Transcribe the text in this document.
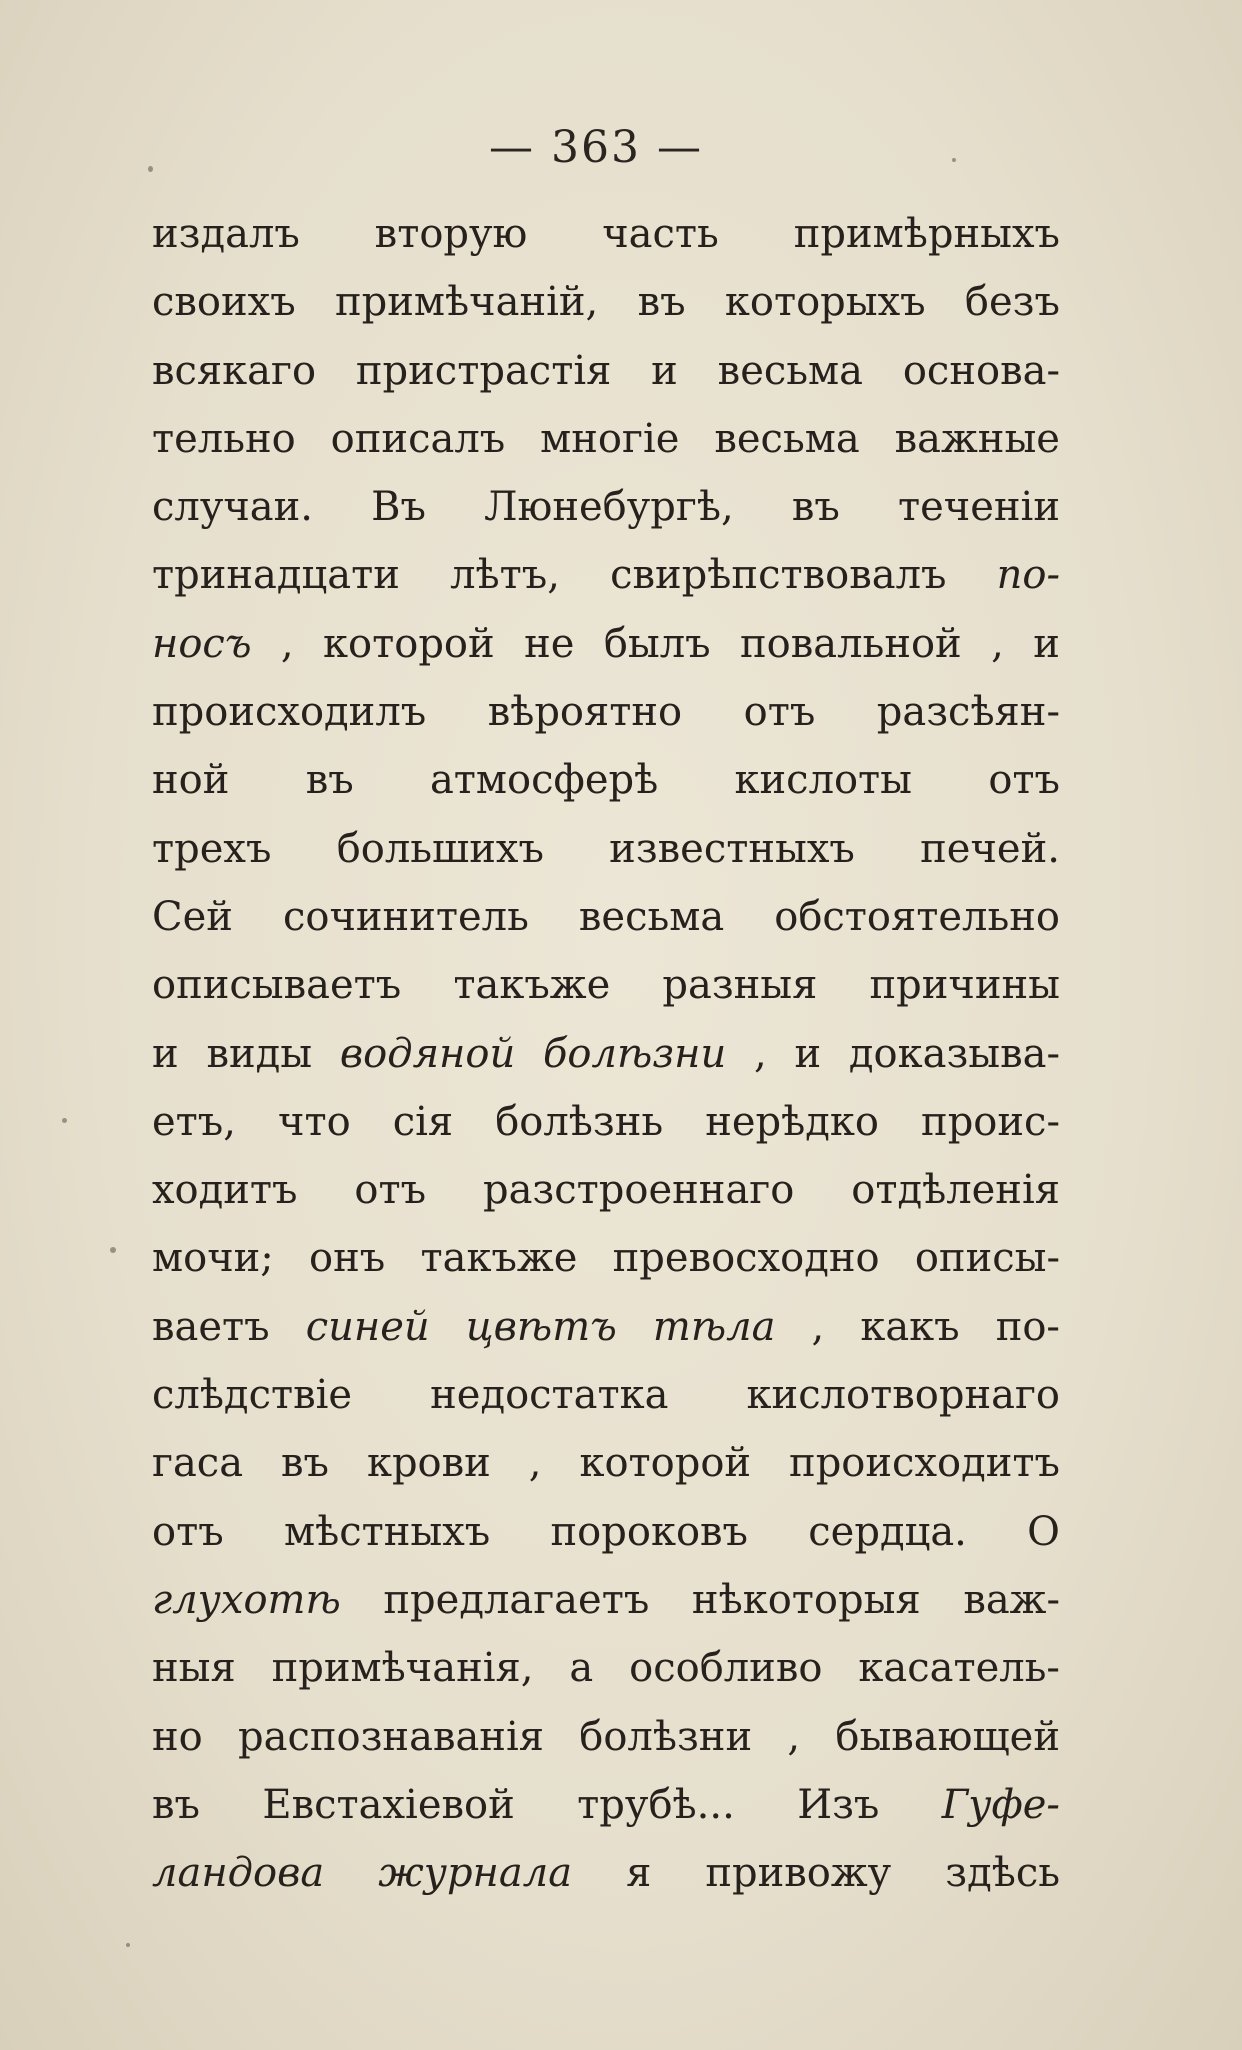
— 363 —
издалъ вторую часть примѣрныхъ
своихъ примѣчаній, въ которыхъ безъ
всякаго пристрастія и весьма основа-
тельно описалъ многіе весьма важные
случаи. Въ Люнебургѣ, въ теченіи
тринадцати лѣтъ, свирѣпствовалъ по-
носъ , которой не былъ повальной , и
происходилъ вѣроятно отъ разсѣян-
ной въ атмосферѣ кислоты отъ
трехъ большихъ известныхъ печей.
Сей сочинитель весьма обстоятельно
описываетъ такъже разныя причины
и виды водяной болѣзни , и доказыва-
етъ, что сія болѣзнь нерѣдко проис-
ходитъ отъ разстроеннаго отдѣленія
мочи; онъ такъже превосходно описы-
ваетъ синей цвѣтъ тѣла , какъ по-
слѣдствіе недостатка кислотворнаго
гаса въ крови , которой происходитъ
отъ мѣстныхъ пороковъ сердца. О
глухотѣ предлагаетъ нѣкоторыя важ-
ныя примѣчанія, а особливо касатель-
но распознаванія болѣзни , бывающей
въ Евстахіевой трубѣ... Изъ Гуфе-
ландова журнала я привожу здѣсь
